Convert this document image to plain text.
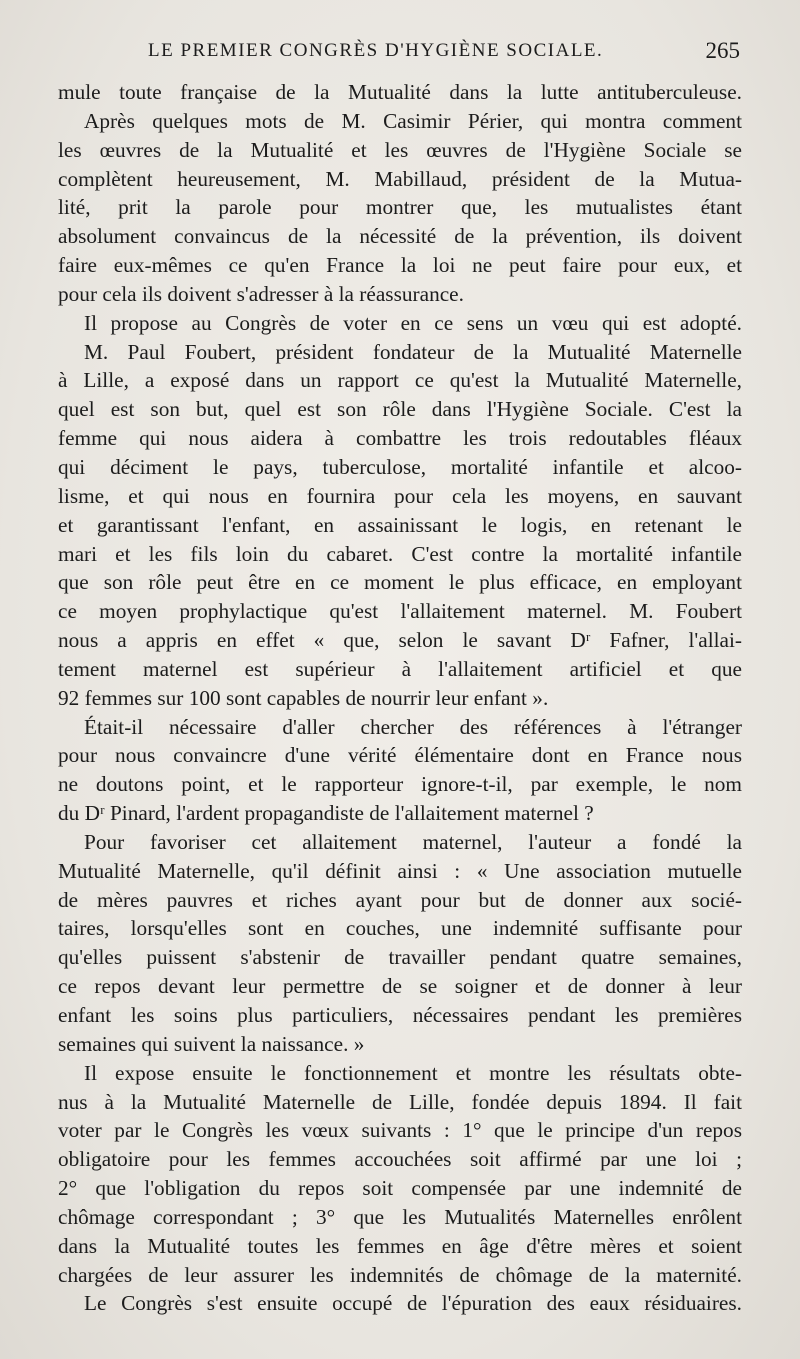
LE PREMIER CONGRÈS D'HYGIÈNE SOCIALE.	265
mule toute française de la Mutualité dans la lutte antituberculeuse.
Après quelques mots de M. Casimir Périer, qui montra comment
les œuvres de la Mutualité et les œuvres de l'Hygiène Sociale se
complètent heureusement, M. Mabillaud, président de la Mutua-
lité, prit la parole pour montrer que, les mutualistes étant
absolument convaincus de la nécessité de la prévention, ils doivent
faire eux-mêmes ce qu'en France la loi ne peut faire pour eux, et
pour cela ils doivent s'adresser à la réassurance.
Il propose au Congrès de voter en ce sens un vœu qui est adopté.
M. Paul Foubert, président fondateur de la Mutualité Maternelle
à Lille, a exposé dans un rapport ce qu'est la Mutualité Maternelle,
quel est son but, quel est son rôle dans l'Hygiène Sociale. C'est la
femme qui nous aidera à combattre les trois redoutables fléaux
qui déciment le pays, tuberculose, mortalité infantile et alcoo-
lisme, et qui nous en fournira pour cela les moyens, en sauvant
et garantissant l'enfant, en assainissant le logis, en retenant le
mari et les fils loin du cabaret. C'est contre la mortalité infantile
que son rôle peut être en ce moment le plus efficace, en employant
ce moyen prophylactique qu'est l'allaitement maternel. M. Foubert
nous a appris en effet « que, selon le savant Dʳ Fafner, l'allai-
tement maternel est supérieur à l'allaitement artificiel et que
92 femmes sur 100 sont capables de nourrir leur enfant ».
Était-il nécessaire d'aller chercher des références à l'étranger
pour nous convaincre d'une vérité élémentaire dont en France nous
ne doutons point, et le rapporteur ignore-t-il, par exemple, le nom
du Dʳ Pinard, l'ardent propagandiste de l'allaitement maternel ?
Pour favoriser cet allaitement maternel, l'auteur a fondé la
Mutualité Maternelle, qu'il définit ainsi : « Une association mutuelle
de mères pauvres et riches ayant pour but de donner aux socié-
taires, lorsqu'elles sont en couches, une indemnité suffisante pour
qu'elles puissent s'abstenir de travailler pendant quatre semaines,
ce repos devant leur permettre de se soigner et de donner à leur
enfant les soins plus particuliers, nécessaires pendant les premières
semaines qui suivent la naissance. »
Il expose ensuite le fonctionnement et montre les résultats obte-
nus à la Mutualité Maternelle de Lille, fondée depuis 1894. Il fait
voter par le Congrès les vœux suivants : 1° que le principe d'un repos
obligatoire pour les femmes accouchées soit affirmé par une loi ;
2° que l'obligation du repos soit compensée par une indemnité de
chômage correspondant ; 3° que les Mutualités Maternelles enrôlent
dans la Mutualité toutes les femmes en âge d'être mères et soient
chargées de leur assurer les indemnités de chômage de la maternité.
Le Congrès s'est ensuite occupé de l'épuration des eaux résiduaires.
